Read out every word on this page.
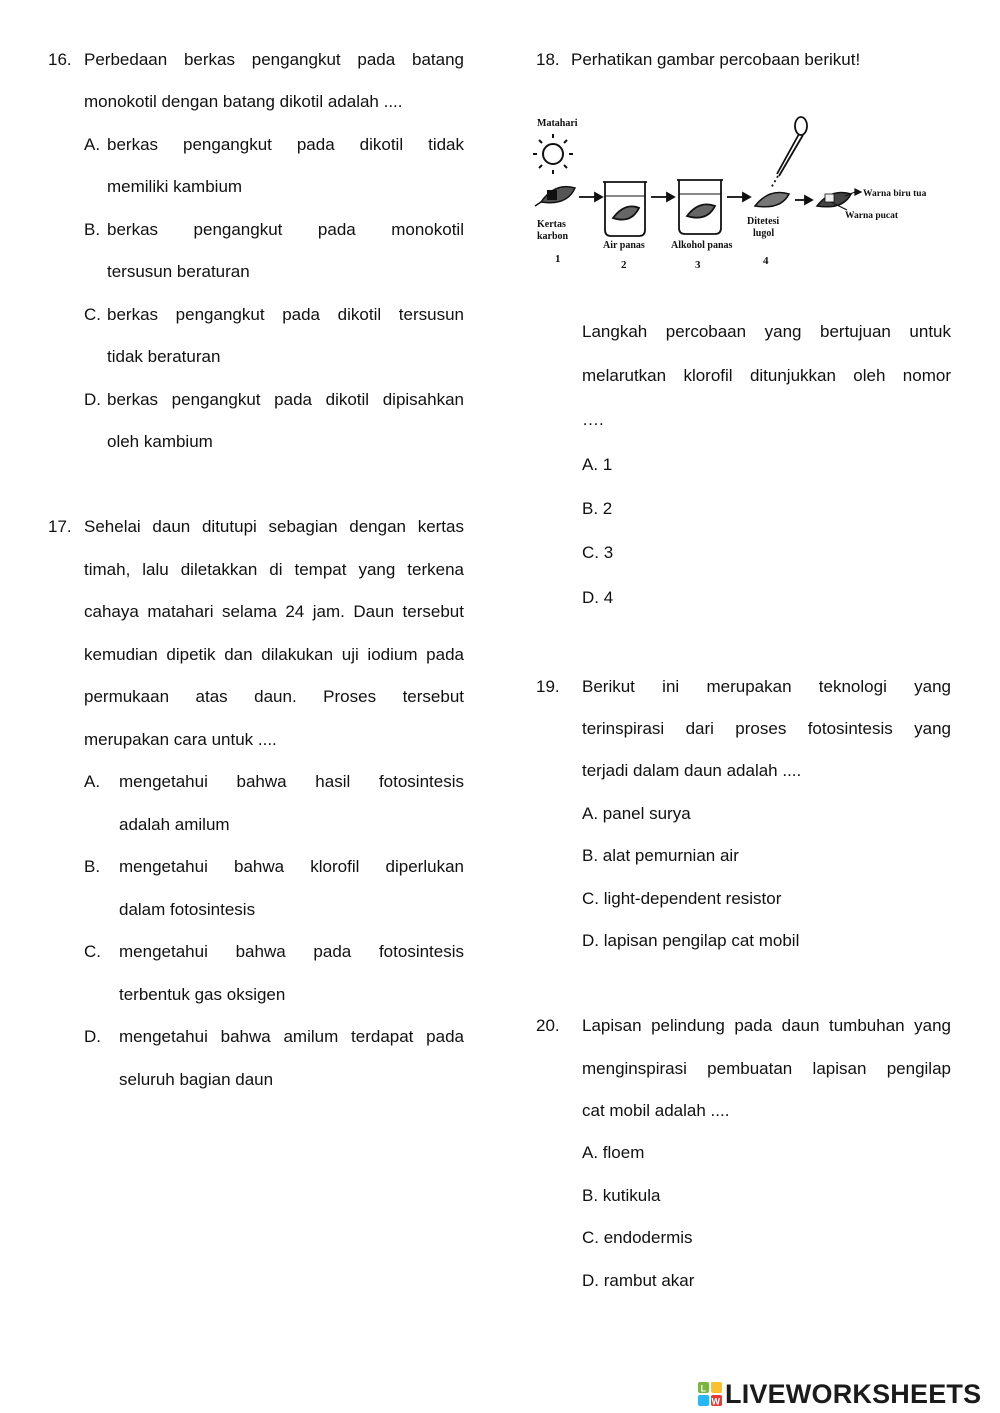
16. Perbedaan berkas pengangkut pada batang
monokotil dengan batang dikotil adalah ....
A. berkas pengangkut pada dikotil tidak
memiliki kambium
B. berkas pengangkut pada monokotil
tersusun beraturan
C. berkas pengangkut pada dikotil tersusun
tidak beraturan
D. berkas pengangkut pada dikotil dipisahkan
oleh kambium
17. Sehelai daun ditutupi sebagian dengan kertas
timah, lalu diletakkan di tempat yang terkena
cahaya matahari selama 24 jam. Daun tersebut
kemudian dipetik dan dilakukan uji iodium pada
permukaan atas daun. Proses tersebut
merupakan cara untuk ....
A. mengetahui bahwa hasil fotosintesis
adalah amilum
B. mengetahui bahwa klorofil diperlukan
dalam fotosintesis
C. mengetahui bahwa pada fotosintesis
terbentuk gas oksigen
D. mengetahui bahwa amilum terdapat pada
seluruh bagian daun
18. Perhatikan gambar percobaan berikut!
Matahari
Kertas
karbon
1
Air panas
2
Alkohol panas
3
Ditetesi
lugol
4
Warna biru tua
Warna pucat
Langkah percobaan yang bertujuan untuk
melarutkan klorofil ditunjukkan oleh nomor
….
A. 1
B. 2
C. 3
D. 4
19. Berikut ini merupakan teknologi yang
terinspirasi dari proses fotosintesis yang
terjadi dalam daun adalah ....
A. panel surya
B. alat pemurnian air
C. light-dependent resistor
D. lapisan pengilap cat mobil
20. Lapisan pelindung pada daun tumbuhan yang
menginspirasi pembuatan lapisan pengilap
cat mobil adalah ....
A. floem
B. kutikula
C. endodermis
D. rambut akar
L
W LIVEWORKSHEETS
